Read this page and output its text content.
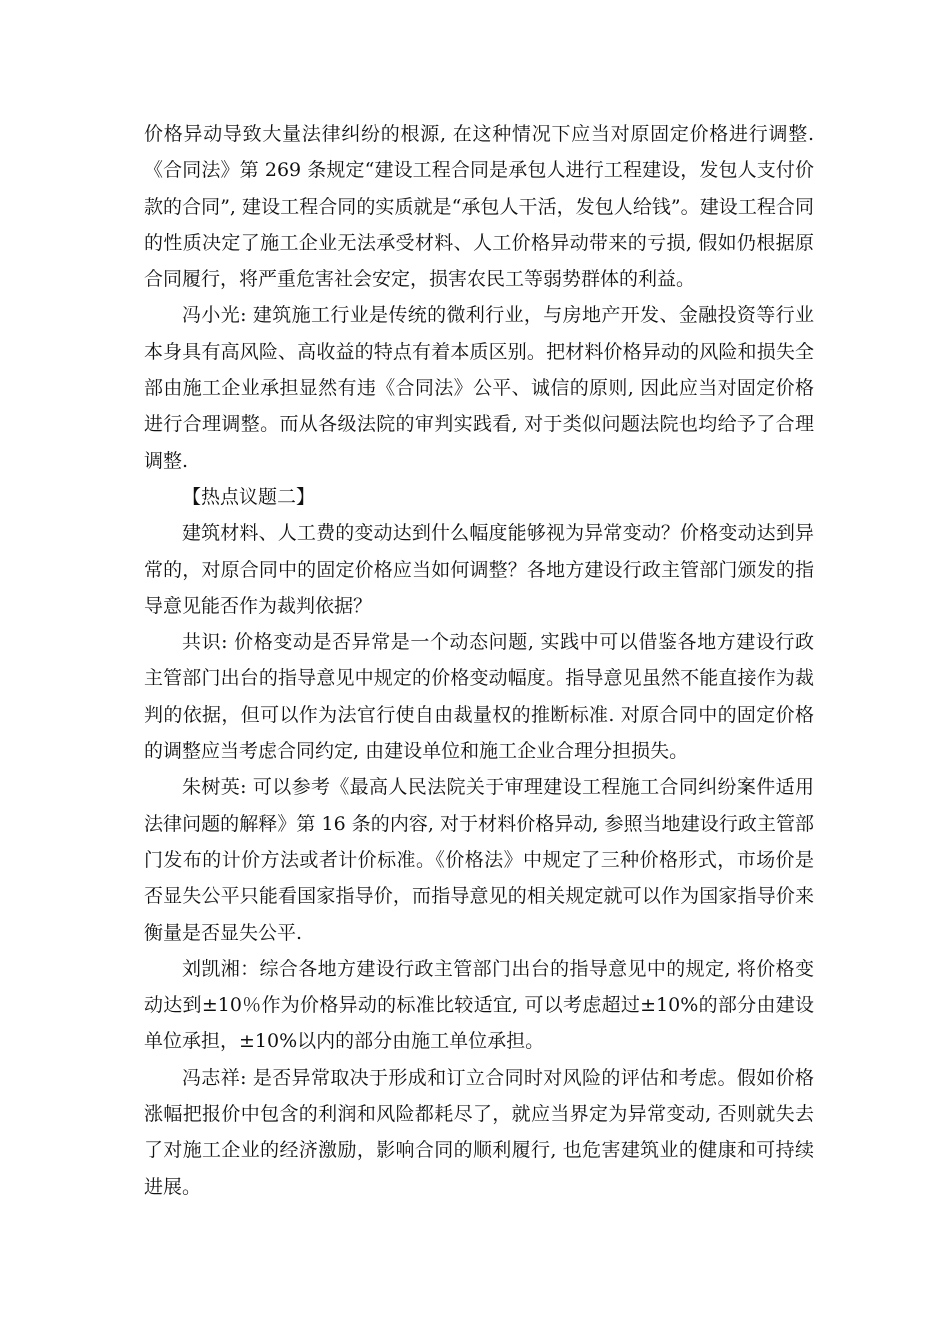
价格异动导致大量法律纠纷的根源, 在这种情况下应当对原固定价格进行调整.《合同法》第 269 条规定“建设工程合同是承包人进行工程建设，发包人支付价款的合同”, 建设工程合同的实质就是“承包人干活，发包人给钱”。建设工程合同的性质决定了施工企业无法承受材料、人工价格异动带来的亏损, 假如仍根据原合同履行，将严重危害社会安定，损害农民工等弱势群体的利益。

冯小光: 建筑施工行业是传统的微利行业，与房地产开发、金融投资等行业本身具有高风险、高收益的特点有着本质区别。把材料价格异动的风险和损失全部由施工企业承担显然有违《合同法》公平、诚信的原则, 因此应当对固定价格进行合理调整。而从各级法院的审判实践看, 对于类似问题法院也均给予了合理调整.

【热点议题二】

建筑材料、人工费的变动达到什么幅度能够视为异常变动？价格变动达到异常的，对原合同中的固定价格应当如何调整？各地方建设行政主管部门颁发的指导意见能否作为裁判依据？

共识: 价格变动是否异常是一个动态问题, 实践中可以借鉴各地方建设行政主管部门出台的指导意见中规定的价格变动幅度。指导意见虽然不能直接作为裁判的依据，但可以作为法官行使自由裁量权的推断标准. 对原合同中的固定价格的调整应当考虑合同约定, 由建设单位和施工企业合理分担损失。

朱树英: 可以参考《最高人民法院关于审理建设工程施工合同纠纷案件适用法律问题的解释》第 16 条的内容, 对于材料价格异动, 参照当地建设行政主管部门发布的计价方法或者计价标准。《价格法》中规定了三种价格形式，市场价是否显失公平只能看国家指导价，而指导意见的相关规定就可以作为国家指导价来衡量是否显失公平.

刘凯湘：综合各地方建设行政主管部门出台的指导意见中的规定, 将价格变动达到±10％作为价格异动的标准比较适宜, 可以考虑超过±10%的部分由建设单位承担，±10%以内的部分由施工单位承担。

冯志祥: 是否异常取决于形成和订立合同时对风险的评估和考虑。假如价格涨幅把报价中包含的利润和风险都耗尽了，就应当界定为异常变动, 否则就失去了对施工企业的经济激励，影响合同的顺利履行, 也危害建筑业的健康和可持续进展。
